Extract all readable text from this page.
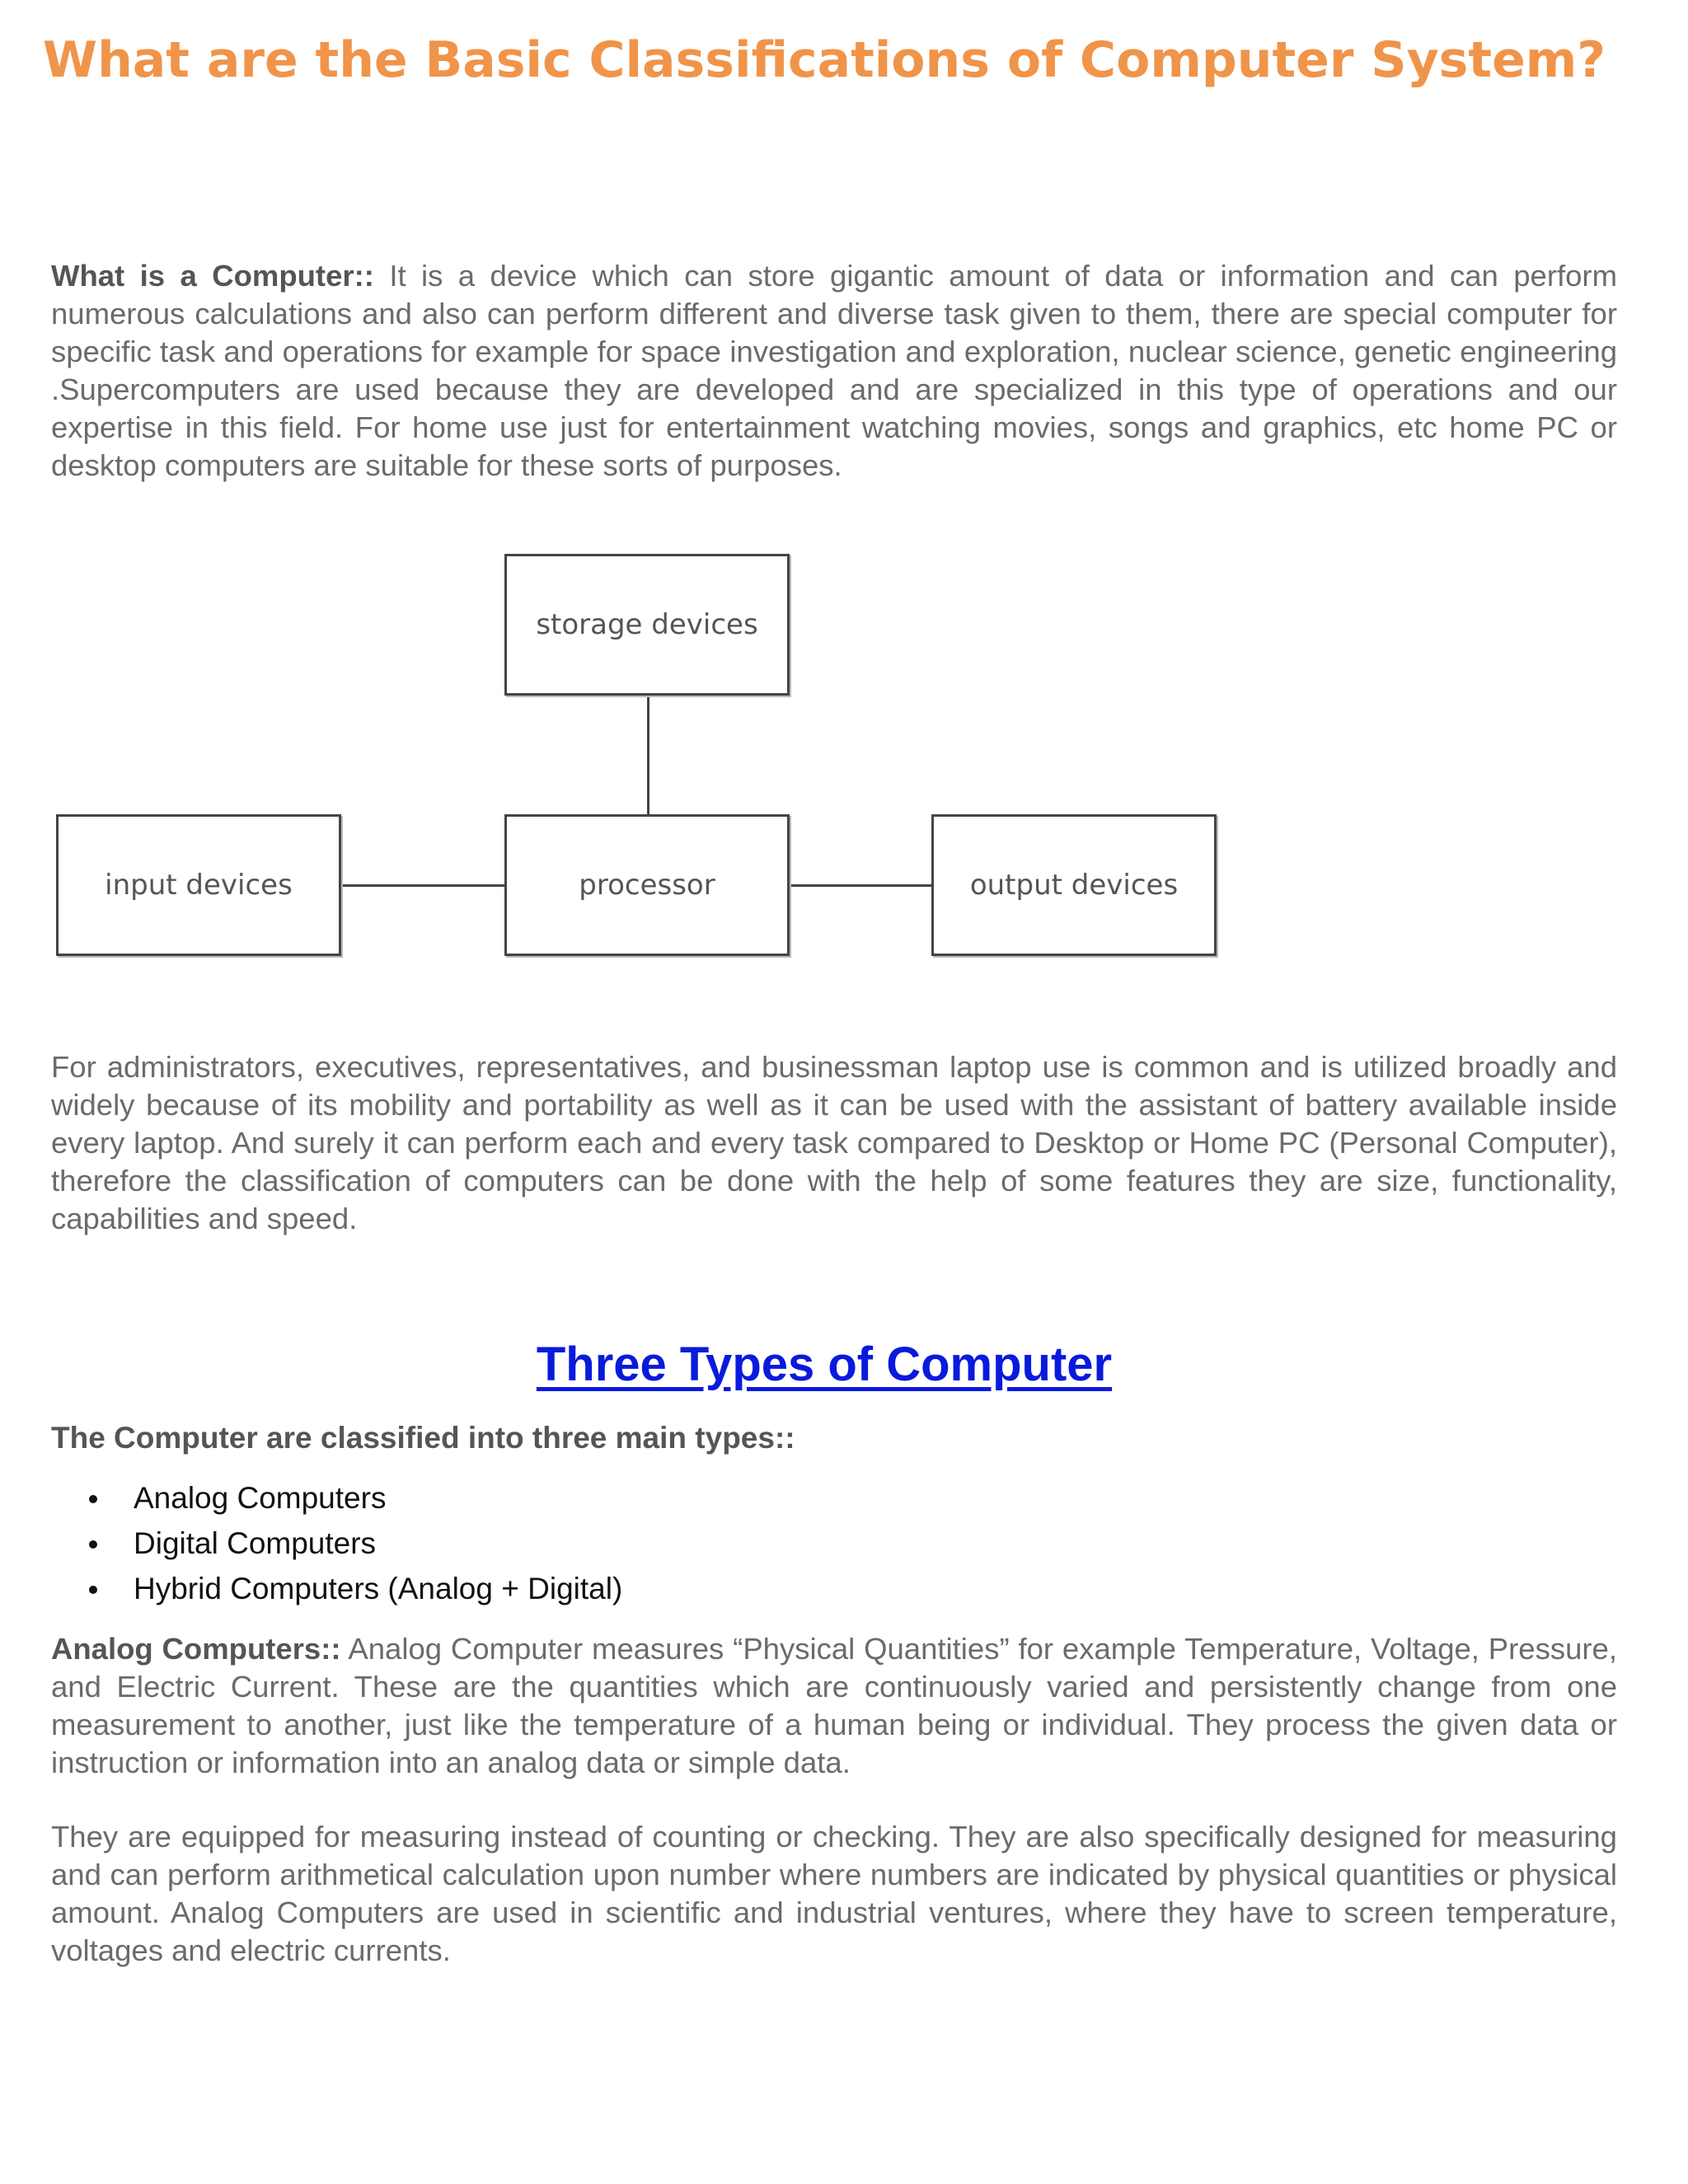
What are the Basic Classifications of Computer System?

What is a Computer:: It is a device which can store gigantic amount of data or information and can perform numerous calculations and also can perform different and diverse task given to them, there are special computer for specific task and operations for example for space investigation and exploration, nuclear science, genetic engineering .Supercomputers are used because they are developed and are specialized in this type of operations and our expertise in this field. For home use just for entertainment watching movies, songs and graphics, etc home PC or desktop computers are suitable for these sorts of purposes.

storage devices
processor
input devices	output devices

For administrators, executives, representatives, and businessman laptop use is common and is utilized broadly and widely because of its mobility and portability as well as it can be used with the assistant of battery available inside every laptop. And surely it can perform each and every task compared to Desktop or Home PC (Personal Computer), therefore the classification of computers can be done with the help of some features they are size, functionality, capabilities and speed.

Three Types of Computer

The Computer are classified into three main types::

Analog Computers
Digital Computers
Hybrid Computers (Analog + Digital)

Analog Computers:: Analog Computer measures “Physical Quantities” for example Temperature, Voltage, Pressure, and Electric Current. These are the quantities which are continuously varied and persistently change from one measurement to another, just like the temperature of a human being or individual. They process the given data or instruction or information into an analog data or simple data.

They are equipped for measuring instead of counting or checking. They are also specifically designed for measuring and can perform arithmetical calculation upon number where numbers are indicated by physical quantities or physical amount. Analog Computers are used in scientific and industrial ventures, where they have to screen temperature, voltages and electric currents.
